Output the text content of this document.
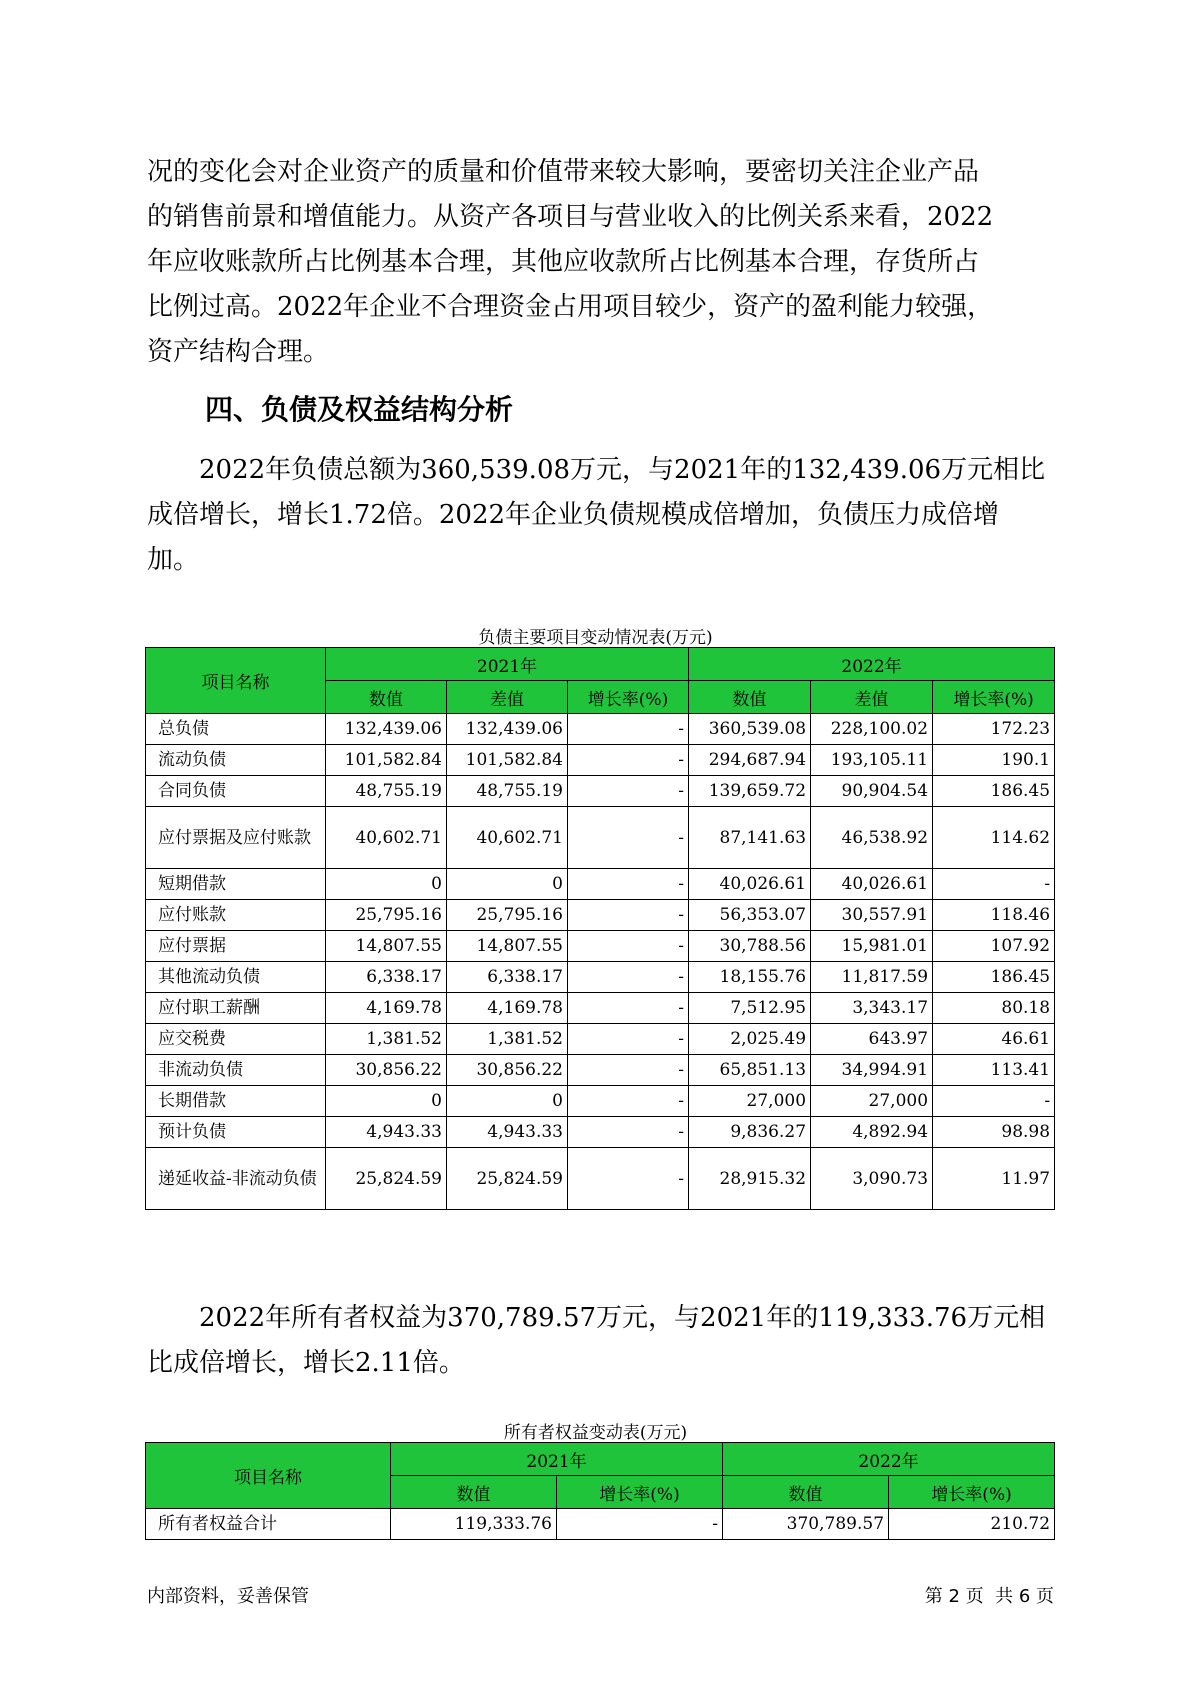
况的变化会对企业资产的质量和价值带来较大影响，要密切关注企业产品
的销售前景和增值能力。从资产各项目与营业收入的比例关系来看，2022
年应收账款所占比例基本合理，其他应收款所占比例基本合理，存货所占
比例过高。2022年企业不合理资金占用项目较少，资产的盈利能力较强，
资产结构合理。
四、负债及权益结构分析
2022年负债总额为360,539.08万元，与2021年的132,439.06万元相比
成倍增长，增长1.72倍。2022年企业负债规模成倍增加，负债压力成倍增
加。
负债主要项目变动情况表(万元)
项目名称	2021年			2022年		
	数值	差值	增长率(%)	数值	差值	增长率(%)
总负债	132,439.06	132,439.06	-	360,539.08	228,100.02	172.23
流动负债	101,582.84	101,582.84	-	294,687.94	193,105.11	190.1
合同负债	48,755.19	48,755.19	-	139,659.72	90,904.54	186.45
应付票据及应付账款	40,602.71	40,602.71	-	87,141.63	46,538.92	114.62
短期借款	0	0	-	40,026.61	40,026.61	-
应付账款	25,795.16	25,795.16	-	56,353.07	30,557.91	118.46
应付票据	14,807.55	14,807.55	-	30,788.56	15,981.01	107.92
其他流动负债	6,338.17	6,338.17	-	18,155.76	11,817.59	186.45
应付职工薪酬	4,169.78	4,169.78	-	7,512.95	3,343.17	80.18
应交税费	1,381.52	1,381.52	-	2,025.49	643.97	46.61
非流动负债	30,856.22	30,856.22	-	65,851.13	34,994.91	113.41
长期借款	0	0	-	27,000	27,000	-
预计负债	4,943.33	4,943.33	-	9,836.27	4,892.94	98.98
递延收益-非流动负债	25,824.59	25,824.59	-	28,915.32	3,090.73	11.97
2022年所有者权益为370,789.57万元，与2021年的119,333.76万元相
比成倍增长，增长2.11倍。
所有者权益变动表(万元)
项目名称	2021年		2022年	
	数值	增长率(%)	数值	增长率(%)
所有者权益合计	119,333.76	-	370,789.57	210.72
内部资料，妥善保管	第 2 页  共 6 页
